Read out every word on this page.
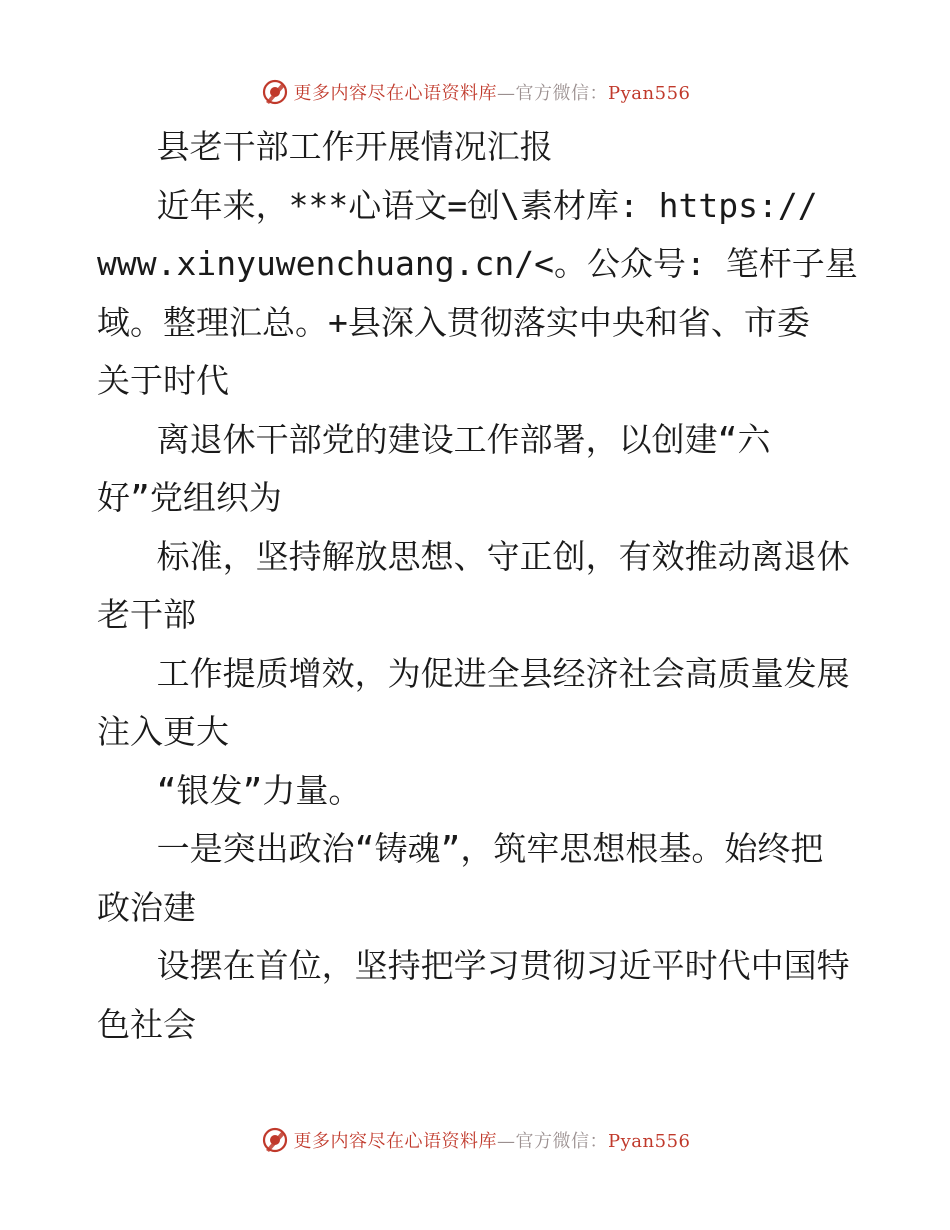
更多内容尽在心语资料库—官方微信：Pyan556
县老干部工作开展情况汇报
近年来，***心语文=创\素材库: https://
www.xinyuwenchuang.cn/<。公众号: 笔杆子星
域。整理汇总。+县深入贯彻落实中央和省、市委
关于时代
离退休干部党的建设工作部署，以创建“六
好”党组织为
标准，坚持解放思想、守正创，有效推动离退休
老干部
工作提质增效，为促进全县经济社会高质量发展
注入更大
“银发”力量。
一是突出政治“铸魂”，筑牢思想根基。始终把
政治建
设摆在首位，坚持把学习贯彻习近平时代中国特
色社会
更多内容尽在心语资料库—官方微信：Pyan556
